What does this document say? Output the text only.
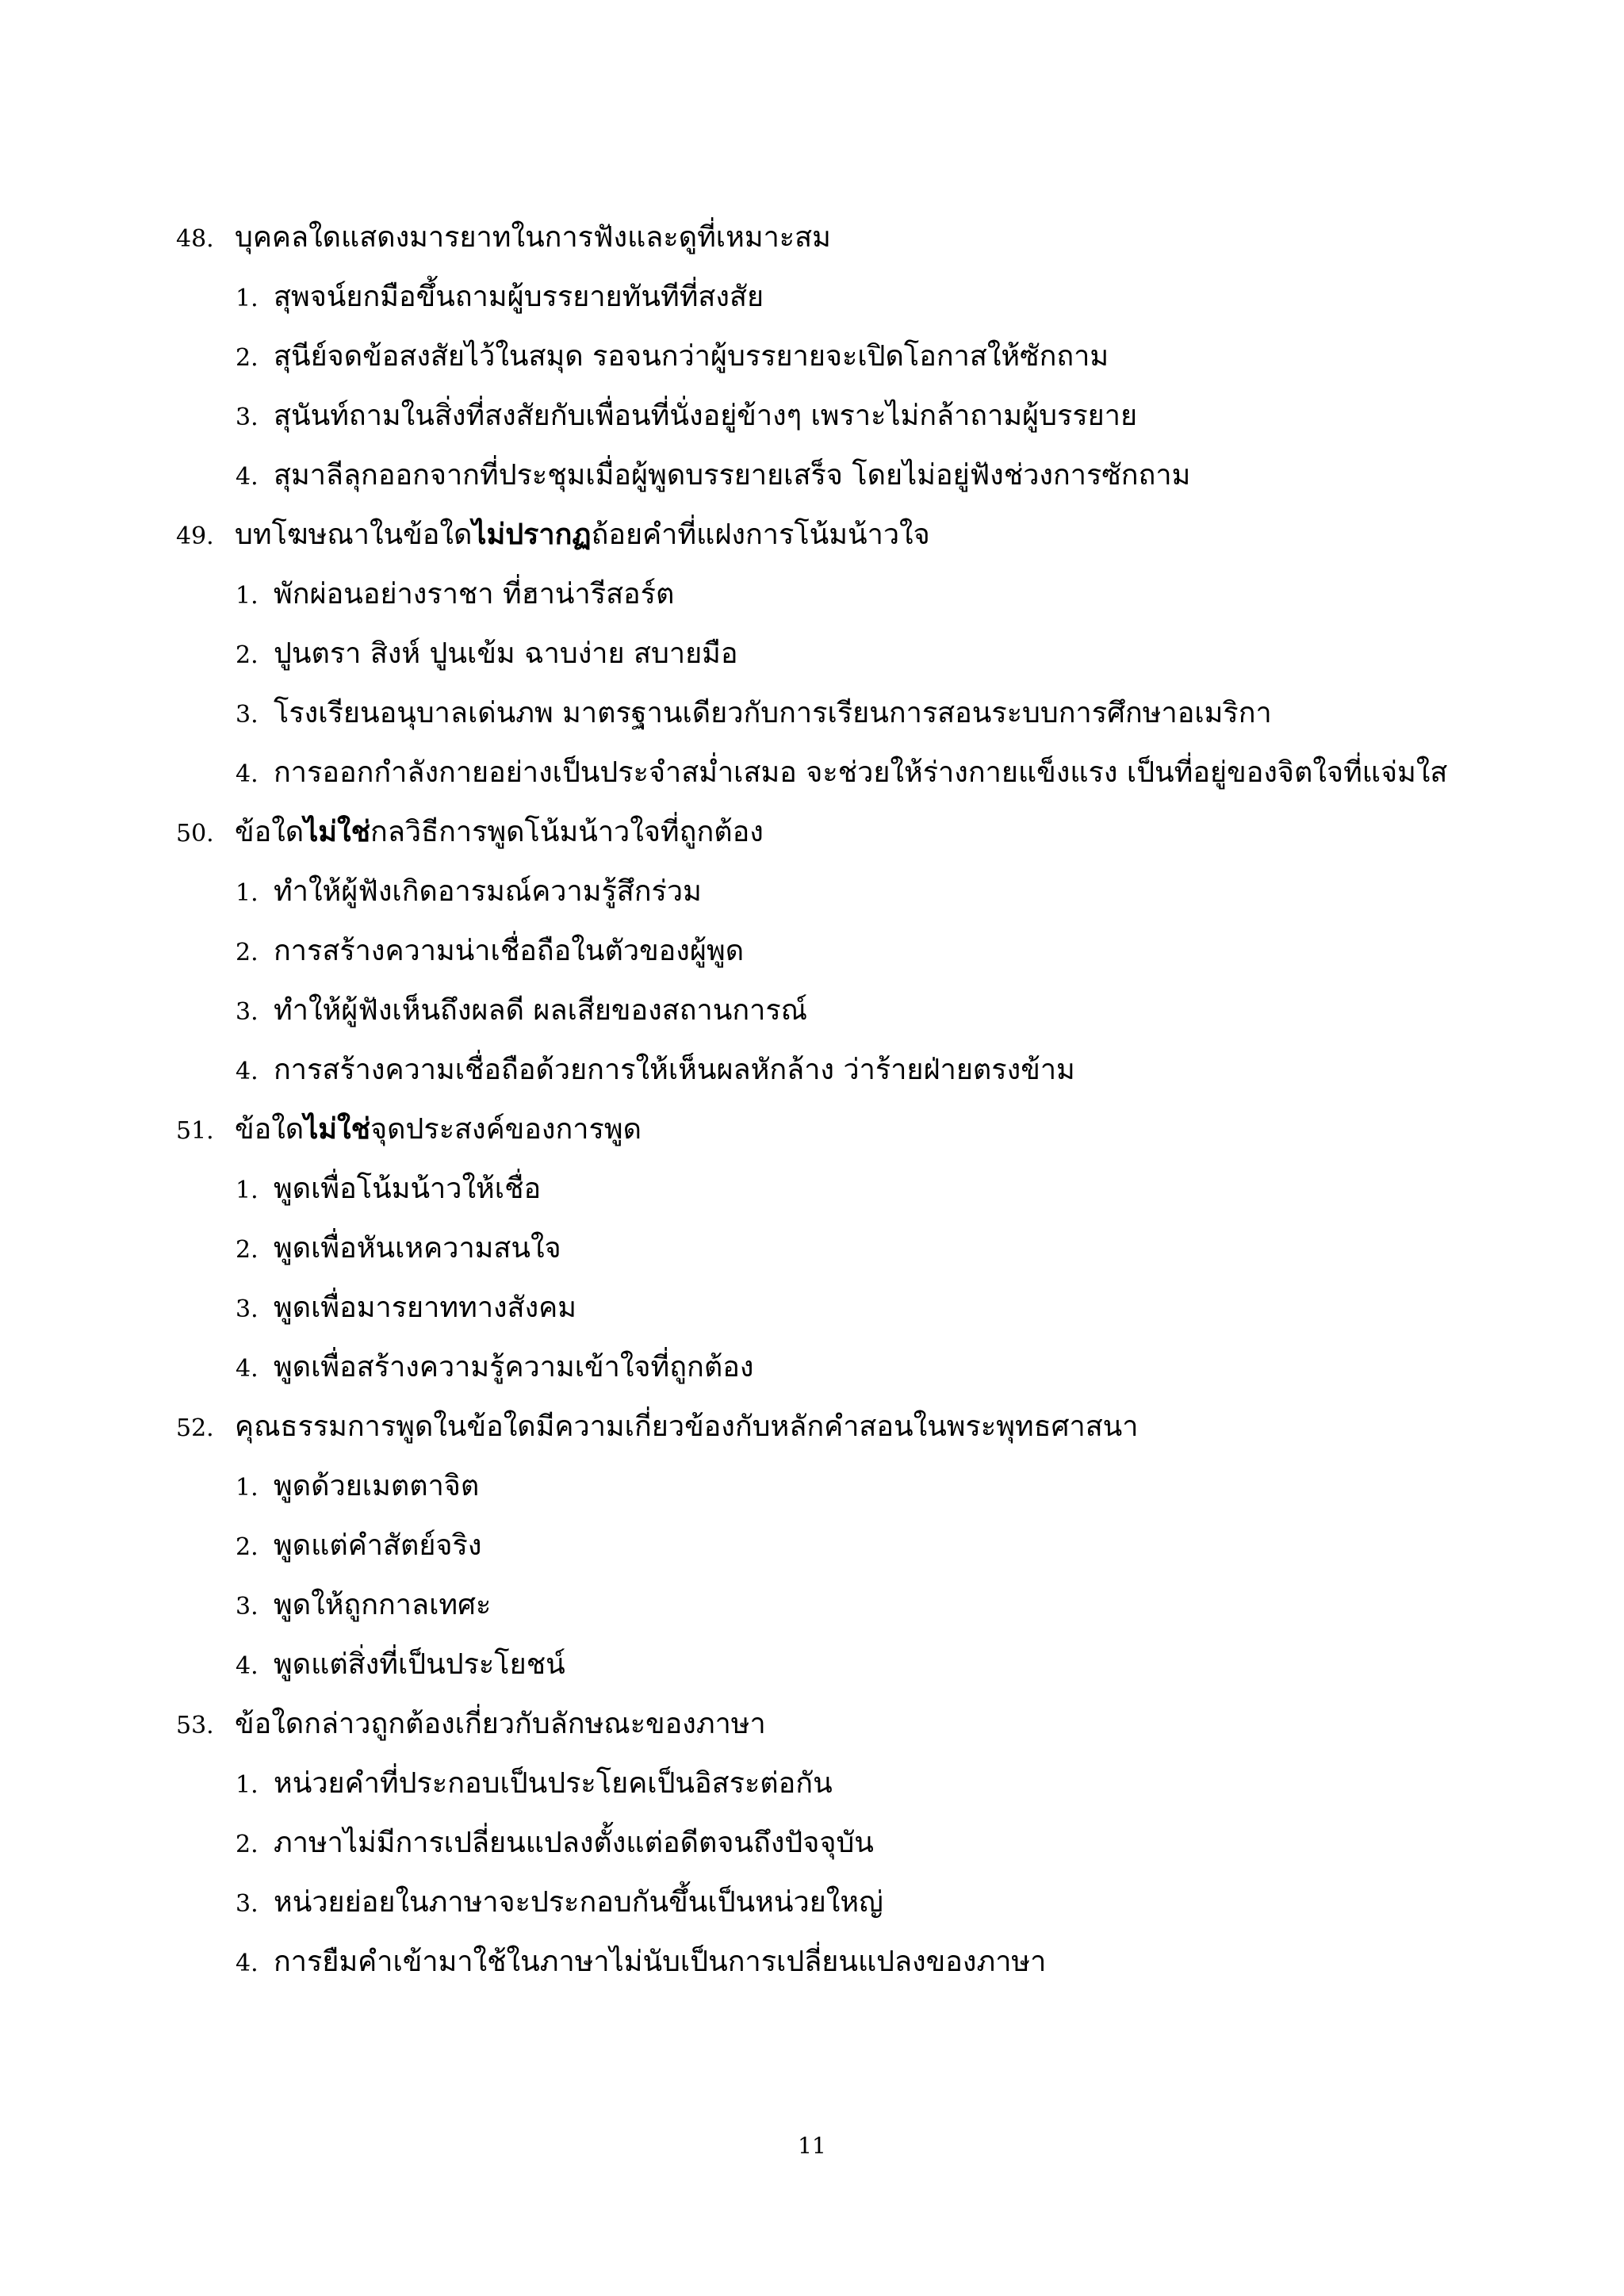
48. บุคคลใดแสดงมารยาทในการฟังและดูที่เหมาะสม
1. สุพจน์ยกมือขึ้นถามผู้บรรยายทันทีที่สงสัย
2. สุนีย์จดข้อสงสัยไว้ในสมุด รอจนกว่าผู้บรรยายจะเปิดโอกาสให้ซักถาม
3. สุนันท์ถามในสิ่งที่สงสัยกับเพื่อนที่นั่งอยู่ข้างๆ เพราะไม่กล้าถามผู้บรรยาย
4. สุมาลีลุกออกจากที่ประชุมเมื่อผู้พูดบรรยายเสร็จ โดยไม่อยู่ฟังช่วงการซักถาม
49. บทโฆษณาในข้อใดไม่ปรากฏถ้อยคำที่แฝงการโน้มน้าวใจ
1. พักผ่อนอย่างราชา ที่ฮาน่ารีสอร์ต
2. ปูนตรา สิงห์ ปูนเข้ม ฉาบง่าย สบายมือ
3. โรงเรียนอนุบาลเด่นภพ มาตรฐานเดียวกับการเรียนการสอนระบบการศึกษาอเมริกา
4. การออกกำลังกายอย่างเป็นประจำสม่ำเสมอ จะช่วยให้ร่างกายแข็งแรง เป็นที่อยู่ของจิตใจที่แจ่มใส
50. ข้อใดไม่ใช่กลวิธีการพูดโน้มน้าวใจที่ถูกต้อง
1. ทำให้ผู้ฟังเกิดอารมณ์ความรู้สึกร่วม
2. การสร้างความน่าเชื่อถือในตัวของผู้พูด
3. ทำให้ผู้ฟังเห็นถึงผลดี ผลเสียของสถานการณ์
4. การสร้างความเชื่อถือด้วยการให้เห็นผลหักล้าง ว่าร้ายฝ่ายตรงข้าม
51. ข้อใดไม่ใช่จุดประสงค์ของการพูด
1. พูดเพื่อโน้มน้าวให้เชื่อ
2. พูดเพื่อหันเหความสนใจ
3. พูดเพื่อมารยาททางสังคม
4. พูดเพื่อสร้างความรู้ความเข้าใจที่ถูกต้อง
52. คุณธรรมการพูดในข้อใดมีความเกี่ยวข้องกับหลักคำสอนในพระพุทธศาสนา
1. พูดด้วยเมตตาจิต
2. พูดแต่คำสัตย์จริง
3. พูดให้ถูกกาลเทศะ
4. พูดแต่สิ่งที่เป็นประโยชน์
53. ข้อใดกล่าวถูกต้องเกี่ยวกับลักษณะของภาษา
1. หน่วยคำที่ประกอบเป็นประโยคเป็นอิสระต่อกัน
2. ภาษาไม่มีการเปลี่ยนแปลงตั้งแต่อดีตจนถึงปัจจุบัน
3. หน่วยย่อยในภาษาจะประกอบกันขึ้นเป็นหน่วยใหญ่
4. การยืมคำเข้ามาใช้ในภาษาไม่นับเป็นการเปลี่ยนแปลงของภาษา
11
